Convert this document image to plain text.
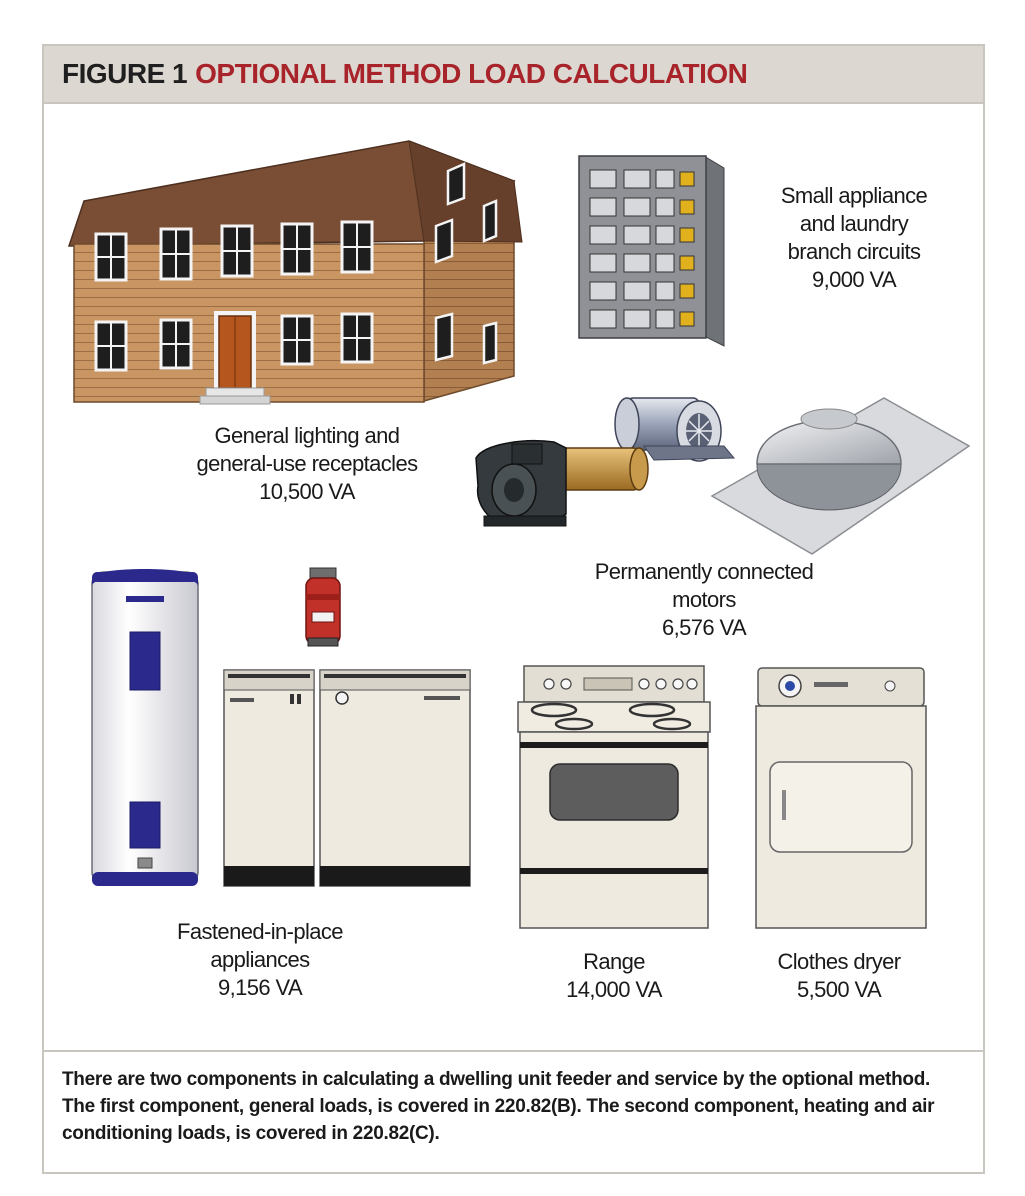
FIGURE 1 OPTIONAL METHOD LOAD CALCULATION
General lighting and
general-use receptacles
10,500 VA
Small appliance
and laundry
branch circuits
9,000 VA
Permanently connected
motors
6,576 VA
Fastened-in-place
appliances
9,156 VA
Range
14,000 VA
Clothes dryer
5,500 VA
There are two components in calculating a dwelling unit feeder and service by the optional method. The first component, general loads, is covered in 220.82(B). The second component, heating and air conditioning loads, is covered in 220.82(C).
